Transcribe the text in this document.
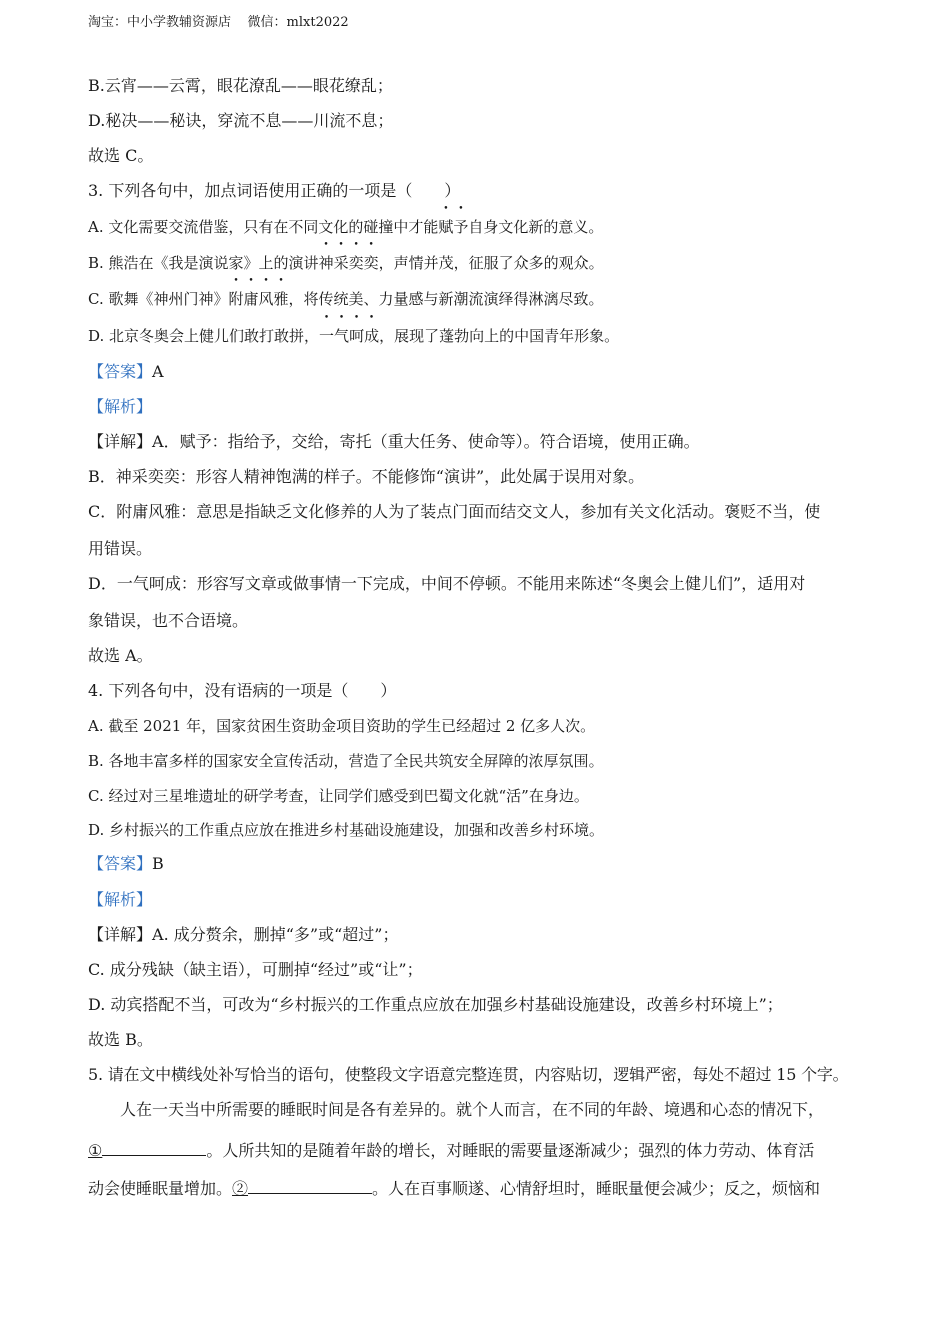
淘宝：中小学教辅资源店 微信：mlxt2022
B.云宵——云霄，眼花潦乱——眼花缭乱；
D.秘决——秘诀，穿流不息——川流不息；
故选 C。
3. 下列各句中，加点词语使用正确的一项是（　　）
A. 文化需要交流借鉴，只有在不同文化的碰撞中才能赋予自身文化新的意义。
B. 熊浩在《我是演说家》上的演讲神采奕奕，声情并茂，征服了众多的观众。
C. 歌舞《神州门神》附庸风雅，将传统美、力量感与新潮流演绎得淋漓尽致。
D. 北京冬奥会上健儿们敢打敢拼，一气呵成，展现了蓬勃向上的中国青年形象。
【答案】A
【解析】
【详解】A．赋予：指给予，交给，寄托（重大任务、使命等）。符合语境，使用正确。
B．神采奕奕：形容人精神饱满的样子。不能修饰“演讲”，此处属于误用对象。
C．附庸风雅：意思是指缺乏文化修养的人为了装点门面而结交文人，参加有关文化活动。褒贬不当，使
用错误。
D．一气呵成：形容写文章或做事情一下完成，中间不停顿。不能用来陈述“冬奥会上健儿们”，适用对
象错误，也不合语境。
故选 A。
4. 下列各句中，没有语病的一项是（　　）
A. 截至 2021 年，国家贫困生资助金项目资助的学生已经超过 2 亿多人次。
B. 各地丰富多样的国家安全宣传活动，营造了全民共筑安全屏障的浓厚氛围。
C. 经过对三星堆遗址的研学考查，让同学们感受到巴蜀文化就“活”在身边。
D. 乡村振兴的工作重点应放在推进乡村基础设施建设，加强和改善乡村环境。
【答案】B
【解析】
【详解】A. 成分赘余，删掉“多”或“超过”；
C. 成分残缺（缺主语），可删掉“经过”或“让”；
D. 动宾搭配不当，可改为“乡村振兴的工作重点应放在加强乡村基础设施建设，改善乡村环境上”；
故选 B。
5. 请在文中横线处补写恰当的语句，使整段文字语意完整连贯，内容贴切，逻辑严密，每处不超过 15 个字。
人在一天当中所需要的睡眠时间是各有差异的。就个人而言，在不同的年龄、境遇和心态的情况下，
①	。人所共知的是随着年龄的增长，对睡眠的需要量逐渐减少；强烈的体力劳动、体育活
动会使睡眠量增加。②	。人在百事顺遂、心情舒坦时，睡眠量便会减少；反之，烦恼和
